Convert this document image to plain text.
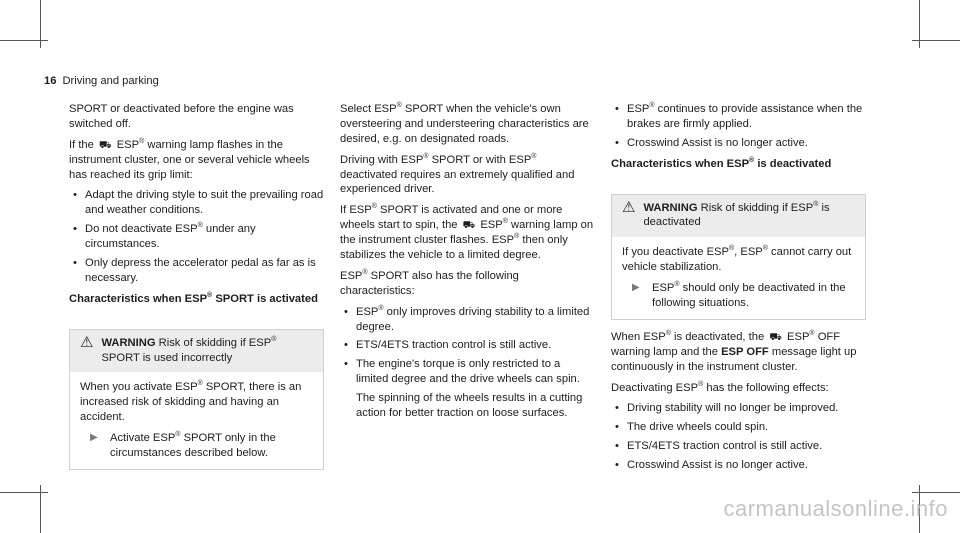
16 Driving and parking

SPORT or deactivated before the engine was switched off.

If the ⛟ ESP® warning lamp flashes in the instrument cluster, one or several vehicle wheels has reached its grip limit:

• Adapt the driving style to suit the prevailing road and weather conditions.
• Do not deactivate ESP® under any circumstances.
• Only depress the accelerator pedal as far as is necessary.
Characteristics when ESP® SPORT is activated
⚠ WARNING Risk of skidding if ESP® SPORT is used incorrectly

When you activate ESP® SPORT, there is an increased risk of skidding and having an accident.

▶ Activate ESP® SPORT only in the circumstances described below.

Select ESP® SPORT when the vehicle's own oversteering and understeering characteristics are desired, e.g. on designated roads.

Driving with ESP® SPORT or with ESP® deactivated requires an extremely qualified and experienced driver.

If ESP® SPORT is activated and one or more wheels start to spin, the ⛟ ESP® warning lamp on the instrument cluster flashes. ESP® then only stabilizes the vehicle to a limited degree.

ESP® SPORT also has the following characteristics:

• ESP® only improves driving stability to a limited degree.
• ETS/4ETS traction control is still active.
• The engine's torque is only restricted to a limited degree and the drive wheels can spin.

The spinning of the wheels results in a cutting action for better traction on loose surfaces.
• ESP® continues to provide assistance when the brakes are firmly applied.
• Crosswind Assist is no longer active.
Characteristics when ESP® is deactivated
⚠ WARNING Risk of skidding if ESP® is deactivated

If you deactivate ESP®, ESP® cannot carry out vehicle stabilization.

▶ ESP® should only be deactivated in the following situations.

When ESP® is deactivated, the ⛟ ESP® OFF warning lamp and the ESP OFF message light up continuously in the instrument cluster.

Deactivating ESP® has the following effects:

• Driving stability will no longer be improved.
• The drive wheels could spin.
• ETS/4ETS traction control is still active.
• Crosswind Assist is no longer active.
carmanualsonline.info
